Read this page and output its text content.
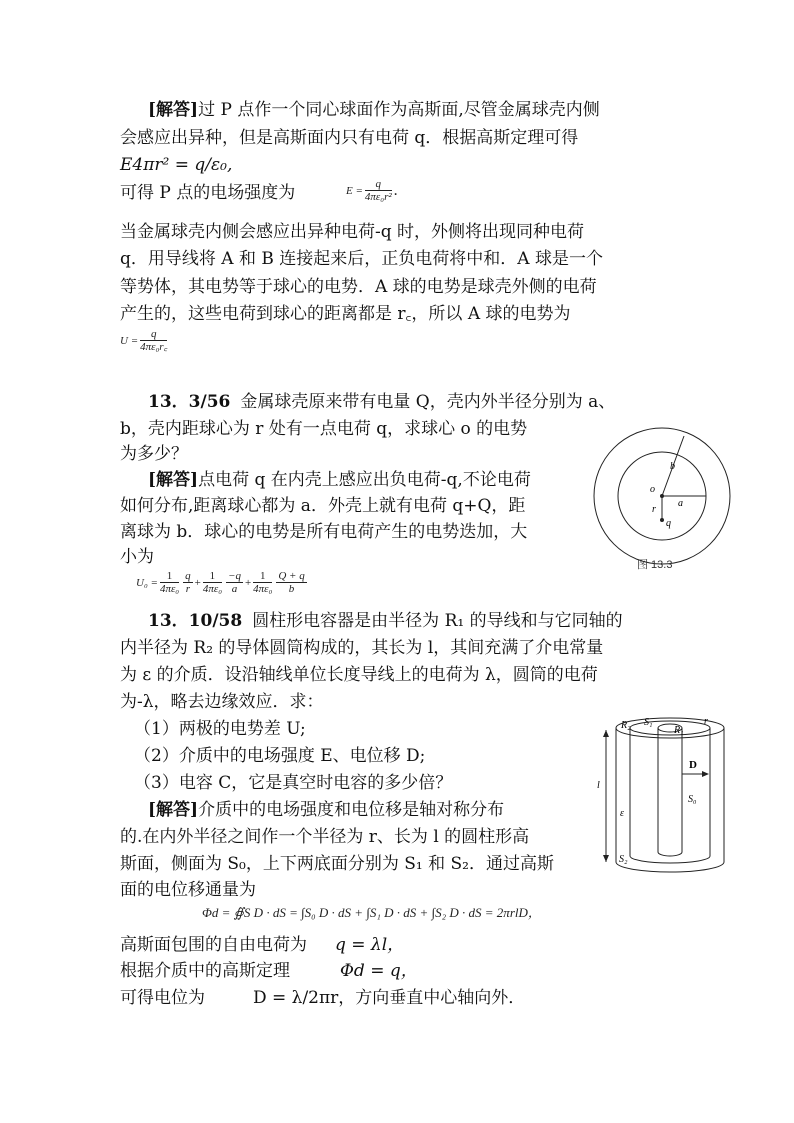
[解答]过 P 点作一个同心球面作为高斯面,尽管金属球壳内侧
会感应出异种，但是高斯面内只有电荷 q．根据高斯定理可得
E4πr² = q/ε₀,
可得 P 点的电场强度为	$E = \frac{q}{\text{4πε₀r²}}$ .
当金属球壳内侧会感应出异种电荷-q 时，外侧将出现同种电荷
q．用导线将 A 和 B 连接起来后，正负电荷将中和．A 球是一个
等势体，其电势等于球心的电势．A 球的电势是球壳外侧的电荷
产生的，这些电荷到球心的距离都是 r꜀，所以 A 球的电势为
$U = \frac{q}{\text{4πε₀r꜀}}$
13．3/56 金属球壳原来带有电量 Q，壳内外半径分别为 a、
b，壳内距球心为 r 处有一点电荷 q，求球心 o 的电势
为多少？
[解答]点电荷 q 在内壳上感应出负电荷-q,不论电荷
如何分布,距离球心都为 a．外壳上就有电荷 q+Q，距
离球为 b．球心的电势是所有电荷产生的电势迭加，大
小为
$U_0 = \frac{1}{\text{4πε₀}} \frac{q}{r} + \frac{1}{\text{4πε₀}} \frac{-q}{a} + \frac{1}{\text{4πε₀}} \frac{Q + q}{b}$
b
o
a
r
q
图 13.3
13．10/58 圆柱形电容器是由半径为 R₁ 的导线和与它同轴的
内半径为 R₂ 的导体圆筒构成的，其长为 l，其间充满了介电常量
为 ε 的介质．设沿轴线单位长度导线上的电荷为 λ，圆筒的电荷
为-λ，略去边缘效应．求：
（1）两极的电势差 U;
（2）介质中的电场强度 E、电位移 D;
（3）电容 C，它是真空时电容的多少倍？
[解答]介质中的电场强度和电位移是轴对称分布
的.在内外半径之间作一个半径为 r、长为 l 的圆柱形高
斯面，侧面为 S₀，上下两底面分别为 S₁ 和 S₂．通过高斯
面的电位移通量为
Φd = ∯S D · dS = ∫S₀ D · dS + ∫S₁ D · dS + ∫S₂ D · dS = 2πrlD，
高斯面包围的自由电荷为 q = λl，
根据介质中的高斯定理	Φd = q，
可得电位为	D = λ/2πr，方向垂直中心轴向外．
R₂ S₁
R₁
r
l
ε
D
S₀
S₂
